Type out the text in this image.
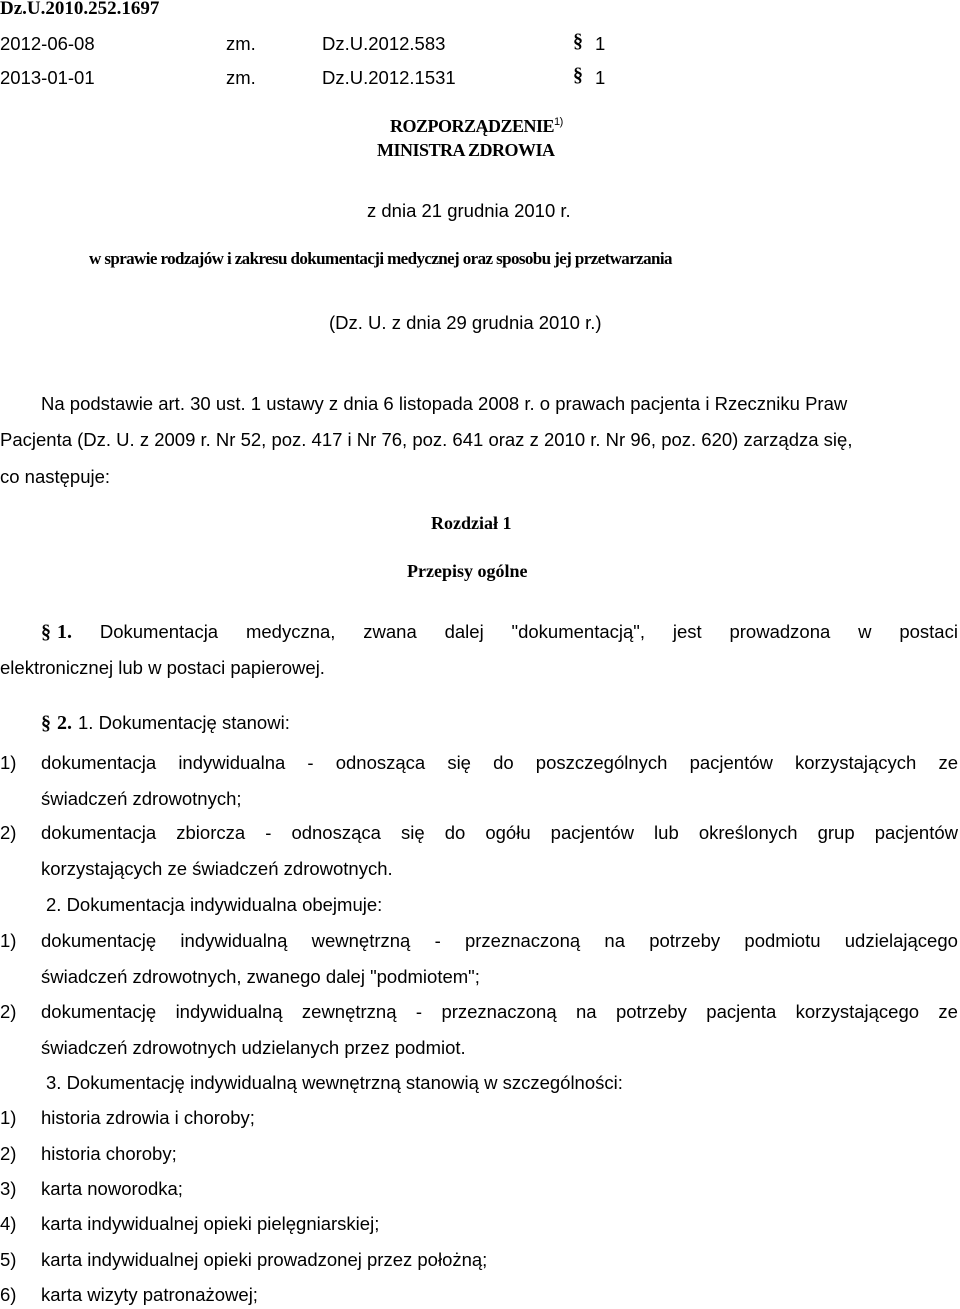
Dz.U.2010.252.1697
2012-06-08	zm.	Dz.U.2012.583	§ 1
2013-01-01	zm.	Dz.U.2012.1531	§ 1
ROZPORZĄDZENIE$^{1)}$
MINISTRA ZDROWIA
z dnia 21 grudnia 2010 r.
w sprawie rodzajów i zakresu dokumentacji medycznej oraz sposobu jej przetwarzania
(Dz. U. z dnia 29 grudnia 2010 r.)
Na podstawie art. 30 ust. 1 ustawy z dnia 6 listopada 2008 r. o prawach pacjenta i Rzeczniku Praw
Pacjenta (Dz. U. z 2009 r. Nr 52, poz. 417 i Nr 76, poz. 641 oraz z 2010 r. Nr 96, poz. 620) zarządza się,
co następuje:
Rozdział 1
Przepisy ogólne
§ 1. Dokumentacja medyczna, zwana dalej "dokumentacją", jest prowadzona w postaci
elektronicznej lub w postaci papierowej.
§ 2. 1. Dokumentację stanowi:
1) dokumentacja indywidualna - odnosząca się do poszczególnych pacjentów korzystających ze
świadczeń zdrowotnych;
2) dokumentacja zbiorcza - odnosząca się do ogółu pacjentów lub określonych grup pacjentów
korzystających ze świadczeń zdrowotnych.
2. Dokumentacja indywidualna obejmuje:
1) dokumentację indywidualną wewnętrzną - przeznaczoną na potrzeby podmiotu udzielającego
świadczeń zdrowotnych, zwanego dalej "podmiotem";
2) dokumentację indywidualną zewnętrzną - przeznaczoną na potrzeby pacjenta korzystającego ze
świadczeń zdrowotnych udzielanych przez podmiot.
3. Dokumentację indywidualną wewnętrzną stanowią w szczególności:
1) historia zdrowia i choroby;
2) historia choroby;
3) karta noworodka;
4) karta indywidualnej opieki pielęgniarskiej;
5) karta indywidualnej opieki prowadzonej przez położną;
6) karta wizyty patronażowej;
